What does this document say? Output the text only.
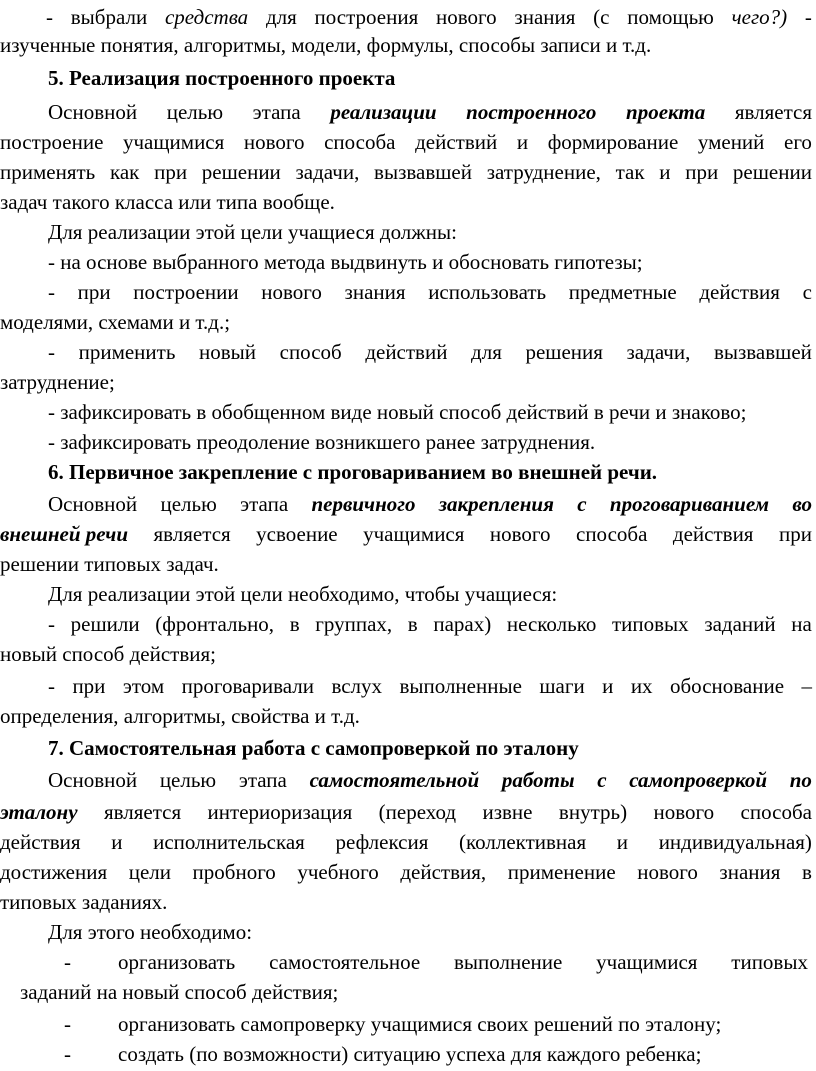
- выбрали средства для построения нового знания (с помощью чего?) -
изученные понятия, алгоритмы, модели, формулы, способы записи и т.д.
5. Реализация построенного проекта
Основной целью этапа реализации построенного проекта является
построение учащимися нового способа действий и формирование умений его
применять как при решении задачи, вызвавшей затруднение, так и при решении
задач такого класса или типа вообще.
Для реализации этой цели учащиеся должны:
- на основе выбранного метода выдвинуть и обосновать гипотезы;
- при построении нового знания использовать предметные действия с
моделями, схемами и т.д.;
- применить новый способ действий для решения задачи, вызвавшей
затруднение;
- зафиксировать в обобщенном виде новый способ действий в речи и знаково;
- зафиксировать преодоление возникшего ранее затруднения.
6. Первичное закрепление с проговариванием во внешней речи.
Основной целью этапа первичного закрепления с проговариванием во
внешней речи является усвоение учащимися нового способа действия при
решении типовых задач.
Для реализации этой цели необходимо, чтобы учащиеся:
- решили (фронтально, в группах, в парах) несколько типовых заданий на
новый способ действия;
- при этом проговаривали вслух выполненные шаги и их обоснование –
определения, алгоритмы, свойства и т.д.
7. Самостоятельная работа с самопроверкой по эталону
Основной целью этапа самостоятельной работы с самопроверкой по
эталону является интериоризация (переход извне внутрь) нового способа
действия и исполнительская рефлексия (коллективная и индивидуальная)
достижения цели пробного учебного действия, применение нового знания в
типовых заданиях.
Для этого необходимо:
- организовать самостоятельное выполнение учащимися типовых
заданий на новый способ действия;
- организовать самопроверку учащимися своих решений по эталону;
- создать (по возможности) ситуацию успеха для каждого ребенка;
